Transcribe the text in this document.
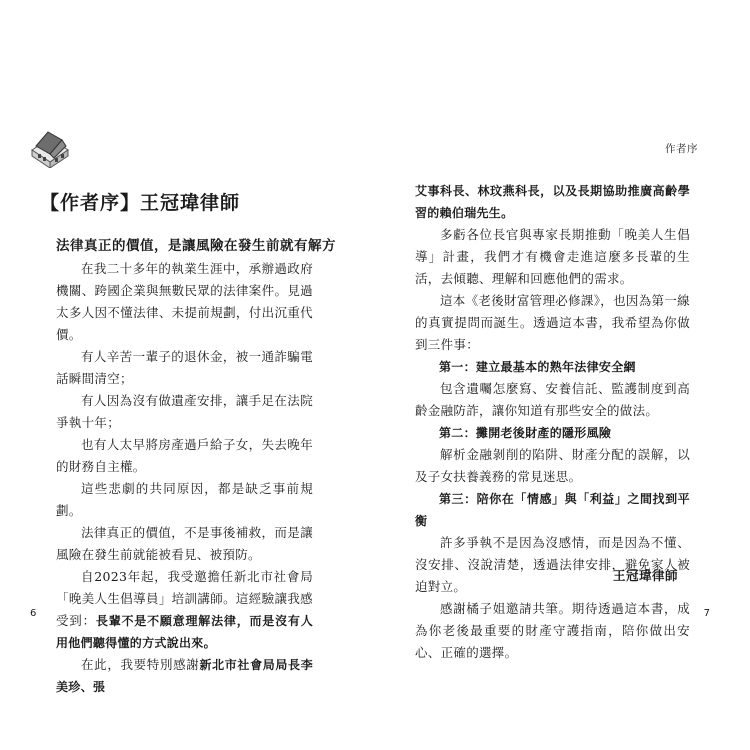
【作者序】王冠瑋律師
法律真正的價值，是讓風險在發生前就有解方

在我二十多年的執業生涯中，承辦過政府機關、跨國企業與無數民眾的法律案件。見過太多人因不懂法律、未提前規劃，付出沉重代價。

有人辛苦一輩子的退休金，被一通詐騙電話瞬間清空；

有人因為沒有做遺產安排，讓手足在法院爭執十年；

也有人太早將房產過戶給子女，失去晚年的財務自主權。

這些悲劇的共同原因，都是缺乏事前規劃。

法律真正的價值，不是事後補救，而是讓風險在發生前就能被看見、被預防。

自2023年起，我受邀擔任新北市社會局「晚美人生倡導員」培訓講師。這經驗讓我感受到：長輩不是不願意理解法律，而是沒有人用他們聽得懂的方式說出來。

在此，我要特別感謝新北市社會局局長李美珍、張

6
作者序

艾事科長、林玟燕科長，以及長期協助推廣高齡學習的賴伯瑞先生。

多虧各位長官與專家長期推動「晚美人生倡導」計畫，我們才有機會走進這麼多長輩的生活，去傾聽、理解和回應他們的需求。

這本《老後財富管理必修課》，也因為第一線的真實提問而誕生。透過這本書，我希望為你做到三件事：

第一：建立最基本的熟年法律安全網

包含遺囑怎麼寫、安養信託、監護制度到高齡金融防詐，讓你知道有那些安全的做法。

第二：攤開老後財產的隱形風險

解析金融剝削的陷阱、財產分配的誤解，以及子女扶養義務的常見迷思。

第三：陪你在「情感」與「利益」之間找到平衡

許多爭執不是因為沒感情，而是因為不懂、沒安排、沒說清楚，透過法律安排，避免家人被迫對立。

感謝橘子姐邀請共筆。期待透過這本書，成為你老後最重要的財產守護指南，陪你做出安心、正確的選擇。

王冠瑋律師
7
